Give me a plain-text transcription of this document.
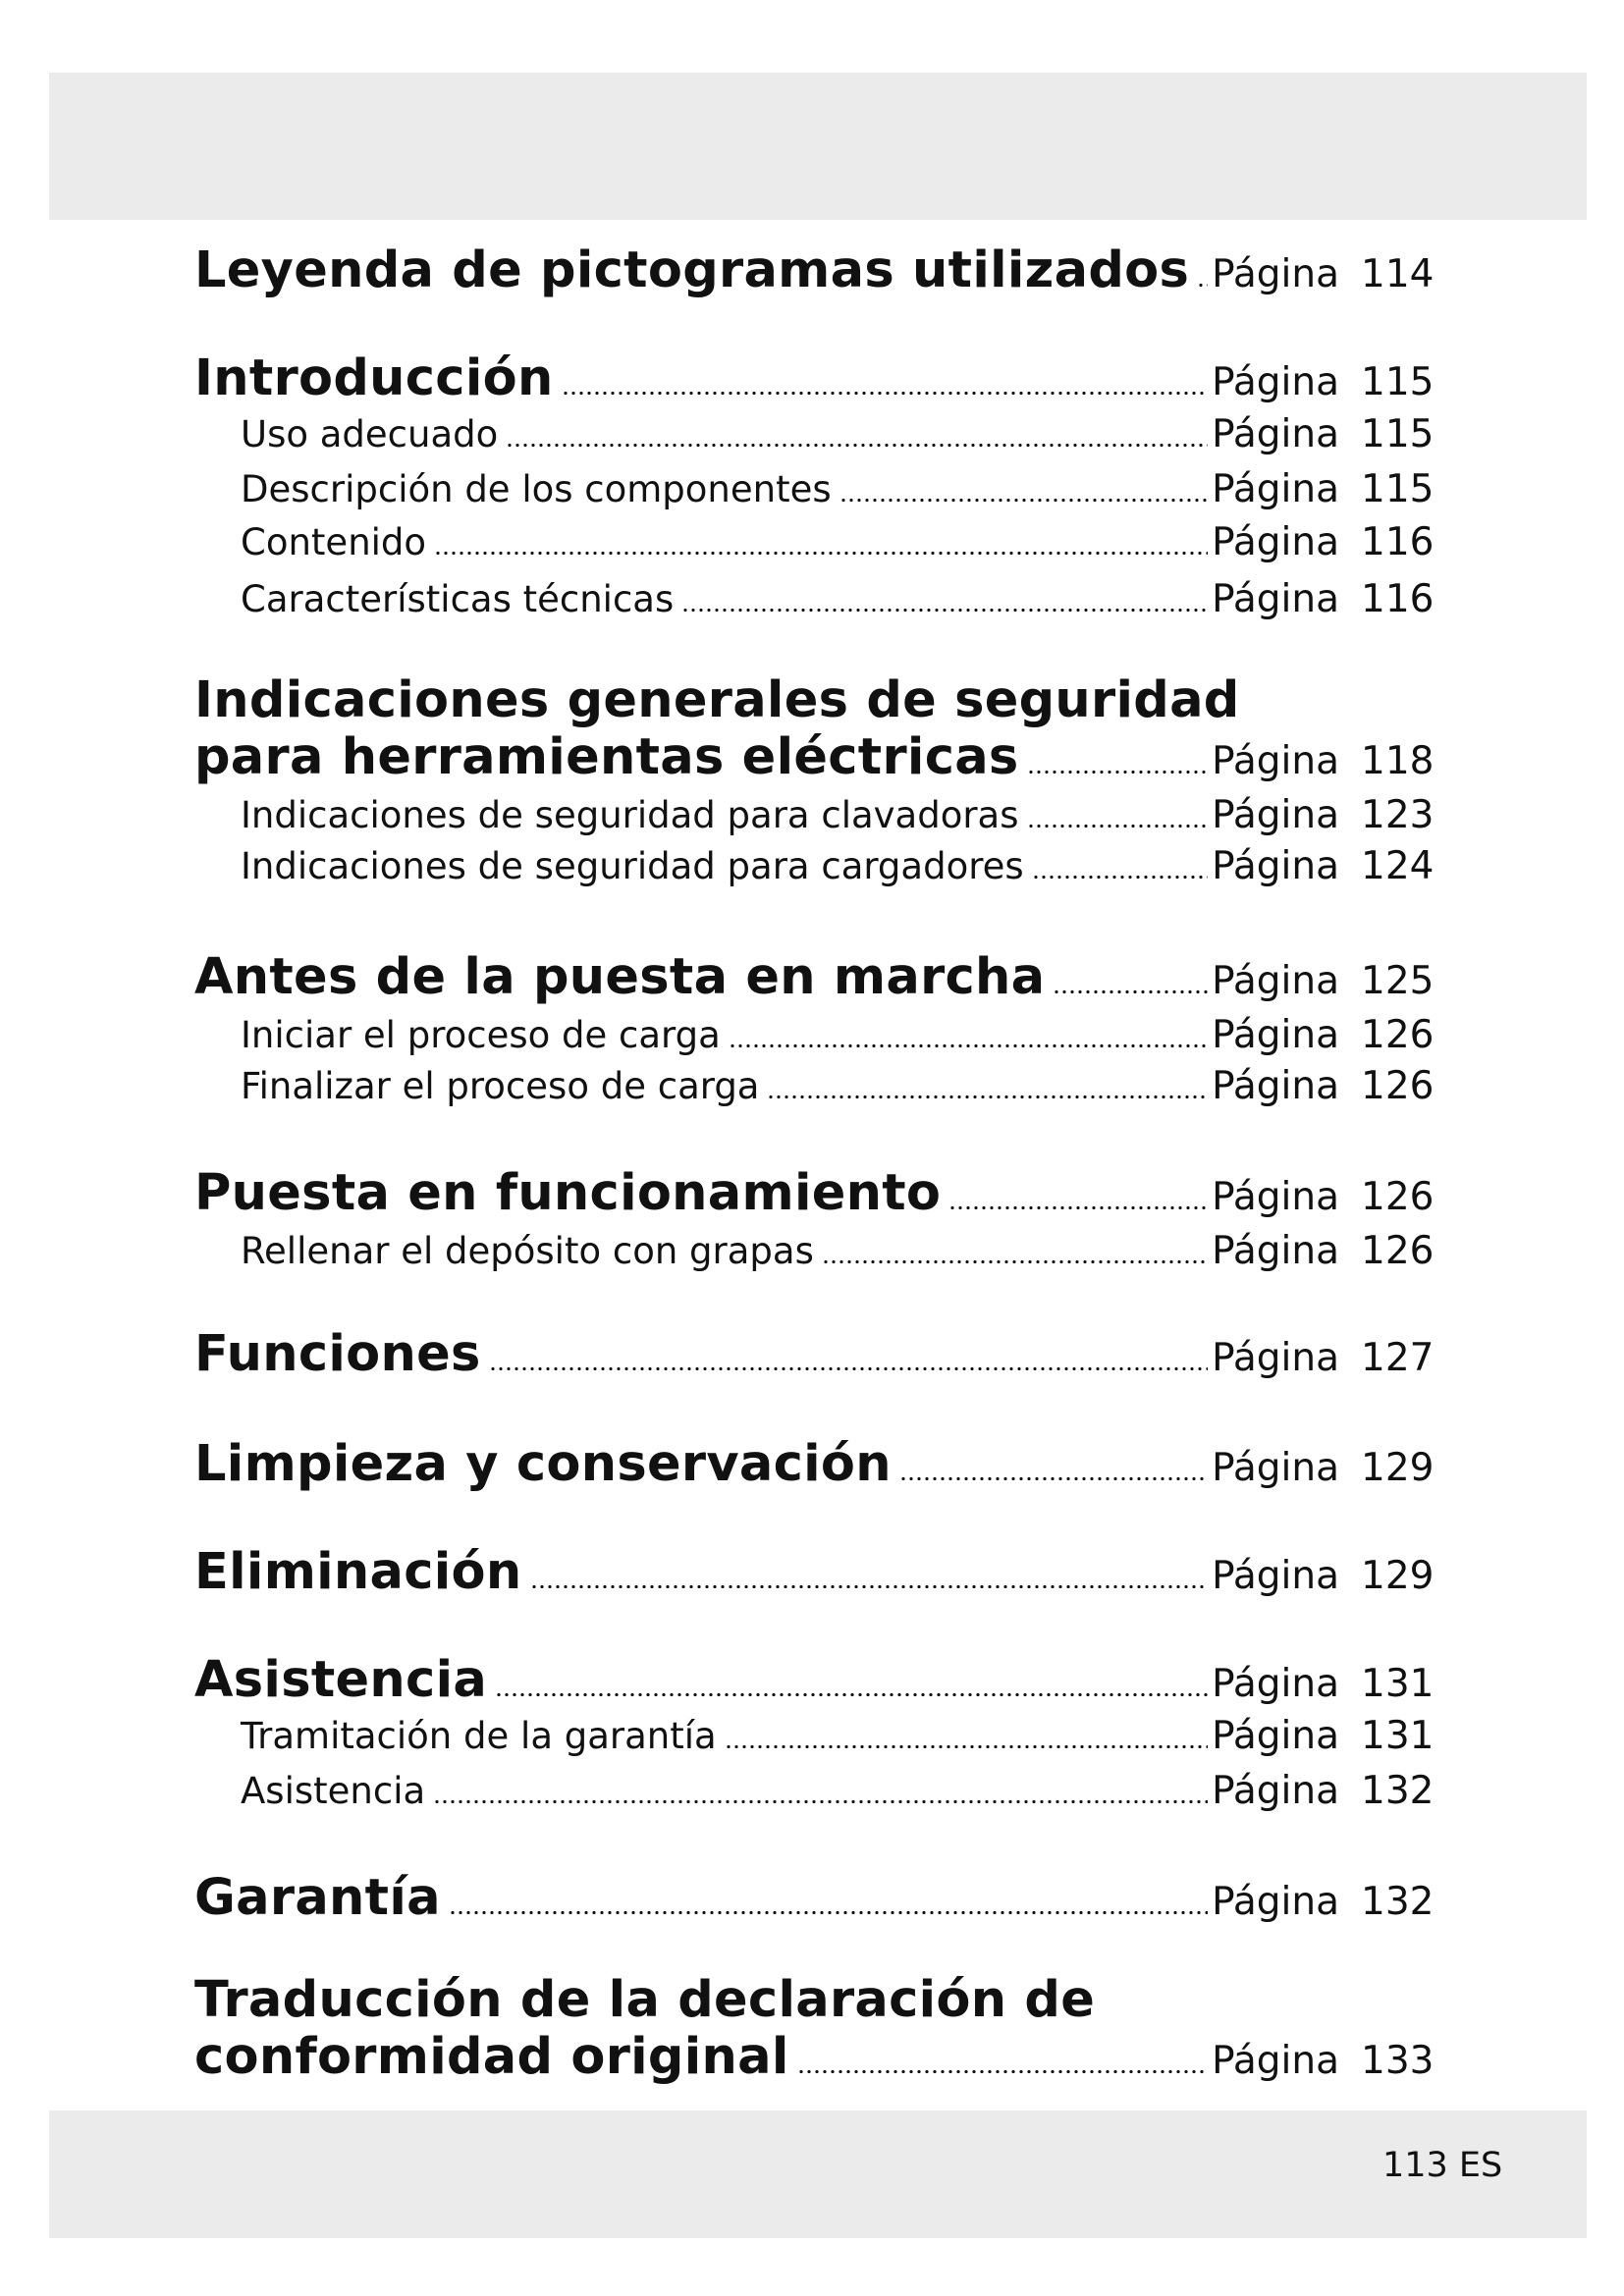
Leyenda de pictogramas utilizados Página 114
Introducción	Página 115
Uso adecuado	Página 115
Descripción de los componentes	Página 115
Contenido	Página 116
Características técnicas	Página 116
Indicaciones generales de seguridad
para herramientas eléctricas	Página 118
Indicaciones de seguridad para clavadoras	Página 123
Indicaciones de seguridad para cargadores	Página 124
Antes de la puesta en marcha	Página 125
Iniciar el proceso de carga	Página 126
Finalizar el proceso de carga	Página 126
Puesta en funcionamiento	Página 126
Rellenar el depósito con grapas	Página 126
Funciones	Página 127
Limpieza y conservación	Página 129
Eliminación	Página 129
Asistencia	Página 131
Tramitación de la garantía	Página 131
Asistencia	Página 132
Garantía	Página 132
Traducción de la declaración de
conformidad original	Página 133
113 ES
